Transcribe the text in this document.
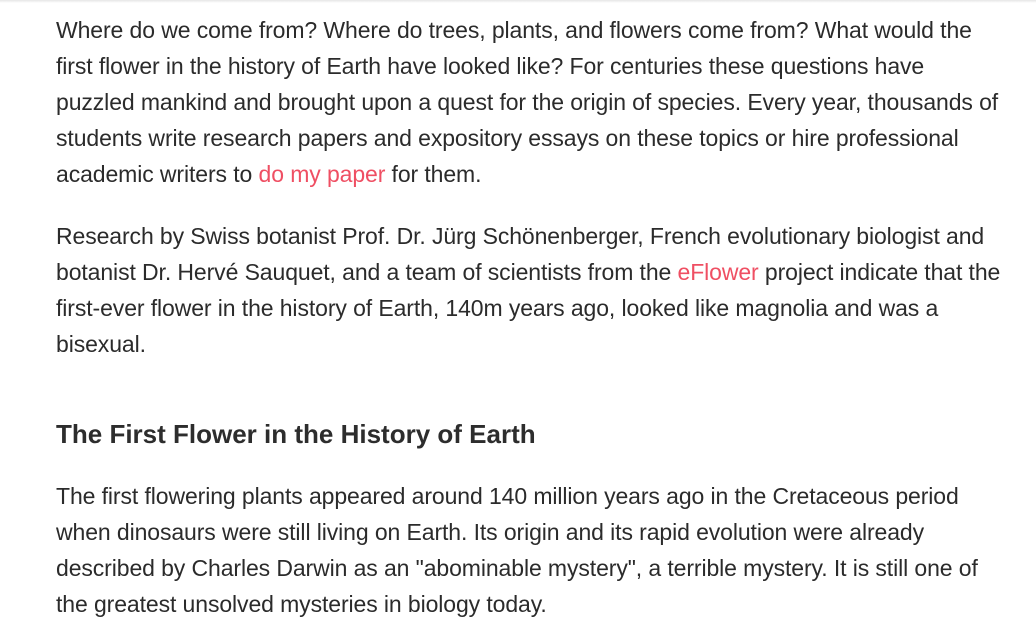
Where do we come from? Where do trees, plants, and flowers come from? What would the first flower in the history of Earth have looked like? For centuries these questions have puzzled mankind and brought upon a quest for the origin of species. Every year, thousands of students write research papers and expository essays on these topics or hire professional academic writers to do my paper for them.

Research by Swiss botanist Prof. Dr. Jürg Schönenberger, French evolutionary biologist and botanist Dr. Hervé Sauquet, and a team of scientists from the eFlower project indicate that the first-ever flower in the history of Earth, 140m years ago, looked like magnolia and was a bisexual.

The First Flower in the History of Earth

The first flowering plants appeared around 140 million years ago in the Cretaceous period when dinosaurs were still living on Earth. Its origin and its rapid evolution were already described by Charles Darwin as an "abominable mystery", a terrible mystery. It is still one of the greatest unsolved mysteries in biology today.
